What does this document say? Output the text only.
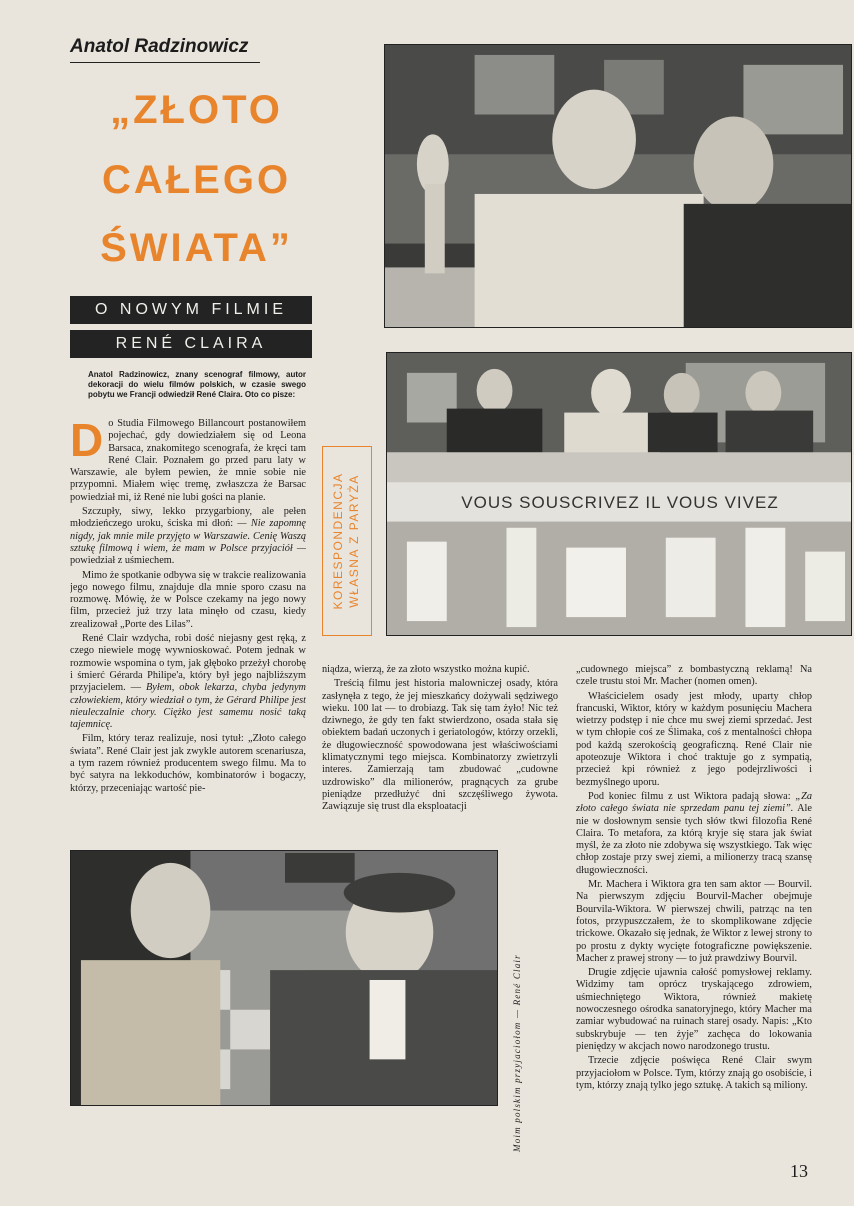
Anatol Radzinowicz
„ZŁOTO
CAŁEGO
ŚWIATA”
O NOWYM FILMIE
RENÉ CLAIRA
Anatol Radzinowicz, znany scenograf filmowy, autor dekoracji do wielu filmów polskich, w czasie swego pobytu we Francji odwiedził René Claira. Oto co pisze:

Do Studia Filmowego Billancourt postanowiłem pojechać, gdy dowiedziałem się od Leona Barsaca, znakomitego scenografa, że kręci tam René Clair. Poznałem go przed paru laty w Warszawie, ale byłem pewien, że mnie sobie nie przypomni. Miałem więc tremę, zwłaszcza że Barsac powiedział mi, iż René nie lubi gości na planie.

Szczupły, siwy, lekko przygarbiony, ale pełen młodzieńczego uroku, ściska mi dłoń: — Nie zapomnę nigdy, jak mnie mile przyjęto w Warszawie. Cenię Waszą sztukę filmową i wiem, że mam w Polsce przyjaciół — powiedział z uśmiechem.

Mimo że spotkanie odbywa się w trakcie realizowania jego nowego filmu, znajduje dla mnie sporo czasu na rozmowę. Mówię, że w Polsce czekamy na jego nowy film, przecież już trzy lata minęło od czasu, kiedy zrealizował „Porte des Lilas”.

René Clair wzdycha, robi dość niejasny gest ręką, z czego niewiele mogę wywnioskować. Potem jednak w rozmowie wspomina o tym, jak głęboko przeżył chorobę i śmierć Gérarda Philipe'a, który był jego najbliższym przyjacielem. — Byłem, obok lekarza, chyba jedynym człowiekiem, który wiedział o tym, że Gérard Philipe jest nieuleczalnie chory. Ciężko jest samemu nosić taką tajemnicę.

Film, który teraz realizuje, nosi tytuł: „Złoto całego świata”. René Clair jest jak zwykle autorem scenariusza, a tym razem również producentem swego filmu. Ma to być satyra na lekkoduchów, kombinatorów i bogaczy, którzy, przeceniając wartość pie-

niądza, wierzą, że za złoto wszystko można kupić.

Treścią filmu jest historia malowniczej osady, która zasłynęła z tego, że jej mieszkańcy dożywali sędziwego wieku. 100 lat — to drobiazg. Tak się tam żyło! Nic też dziwnego, że gdy ten fakt stwierdzono, osada stała się obiektem badań uczonych i geriatologów, którzy orzekli, że długowieczność spowodowana jest właściwościami klimatycznymi tego miejsca. Kombinatorzy zwietrzyli interes. Zamierzają tam zbudować „cudowne uzdrowisko” dla milionerów, pragnących za grube pieniądze przedłużyć dni szczęśliwego żywota. Zawiązuje się trust dla eksploatacji

„cudownego miejsca” z bombastyczną reklamą! Na czele trustu stoi Mr. Macher (nomen omen).

Właścicielem osady jest młody, uparty chłop francuski, Wiktor, który w każdym posunięciu Machera wietrzy podstęp i nie chce mu swej ziemi sprzedać. Jest w tym chłopie coś ze Ślimaka, coś z mentalności chłopa pod każdą szerokością geograficzną. René Clair nie apoteozuje Wiktora i choć traktuje go z sympatią, przecież kpi również z jego podejrzliwości i bezmyślnego uporu.

Pod koniec filmu z ust Wiktora padają słowa: „Za złoto całego świata nie sprzedam panu tej ziemi”. Ale nie w dosłownym sensie tych słów tkwi filozofia René Claira. To metafora, za którą kryje się stara jak świat myśl, że za złoto nie zdobywa się wszystkiego. Tak więc chłop zostaje przy swej ziemi, a milionerzy tracą szansę długowieczności.

Mr. Machera i Wiktora gra ten sam aktor — Bourvil. Na pierwszym zdjęciu Bourvil-Macher obejmuje Bourvila-Wiktora. W pierwszej chwili, patrząc na ten fotos, przypuszczałem, że to skomplikowane zdjęcie trickowe. Okazało się jednak, że Wiktor z lewej strony to po prostu z dykty wycięte fotograficzne powiększenie. Macher z prawej strony — to już prawdziwy Bourvil.

Drugie zdjęcie ujawnia całość pomysłowej reklamy. Widzimy tam oprócz tryskającego zdrowiem, uśmiechniętego Wiktora, również makietę nowoczesnego ośrodka sanatoryjnego, który Macher ma zamiar wybudować na ruinach starej osady. Napis: „Kto subskrybuje — ten żyje” zachęca do lokowania pieniędzy w akcjach nowo narodzonego trustu.

Trzecie zdjęcie poświęca René Clair swym przyjaciołom w Polsce. Tym, którzy znają go osobiście, i tym, którzy znają tylko jego sztukę. A takich są miliony.

KORESPONDENCJA WŁASNA Z PARYŻA	VOUS SOUSCRIVEZ IL VOUS VIVEZ
Moim polskim przyjaciołom — René Clair
13
